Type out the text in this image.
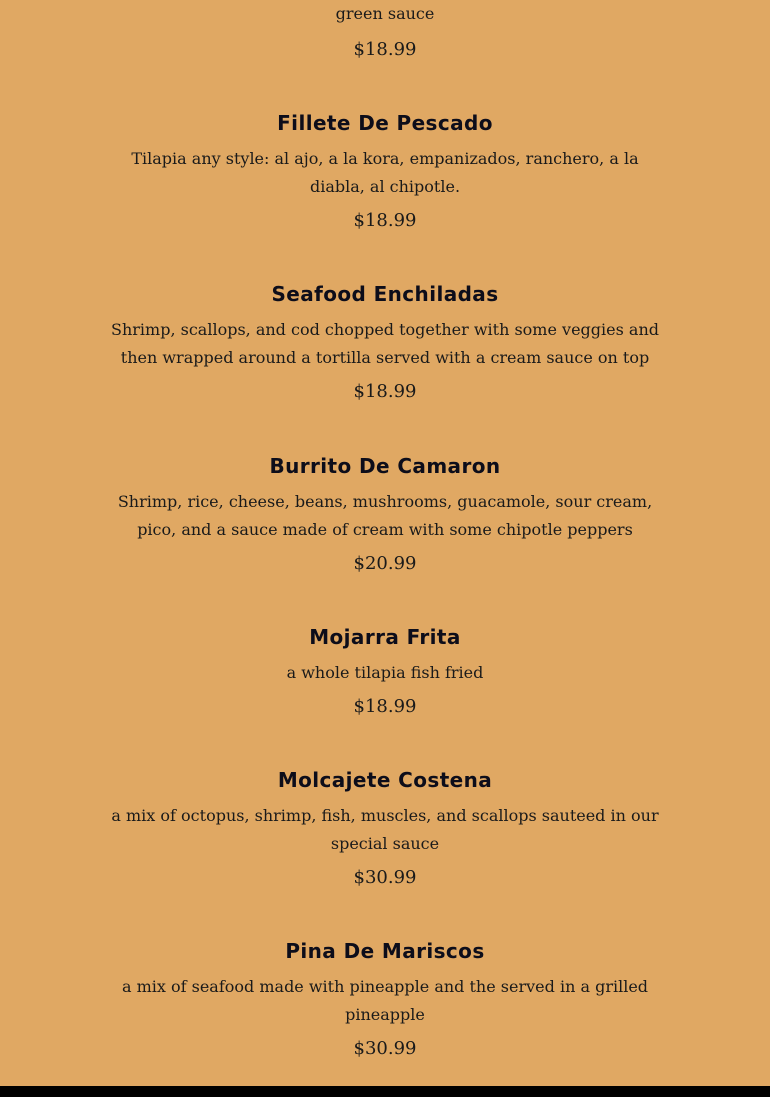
green sauce
$18.99
Fillete De Pescado
Tilapia any style: al ajo, a la kora, empanizados, ranchero, a la diabla, al chipotle.
$18.99
Seafood Enchiladas
Shrimp, scallops, and cod chopped together with some veggies and then wrapped around a tortilla served with a cream sauce on top
$18.99
Burrito De Camaron
Shrimp, rice, cheese, beans, mushrooms, guacamole, sour cream, pico, and a sauce made of cream with some chipotle peppers
$20.99
Mojarra Frita
a whole tilapia fish fried
$18.99
Molcajete Costena
a mix of octopus, shrimp, fish, muscles, and scallops sauteed in our special sauce
$30.99
Pina De Mariscos
a mix of seafood made with pineapple and the served in a grilled pineapple
$30.99
